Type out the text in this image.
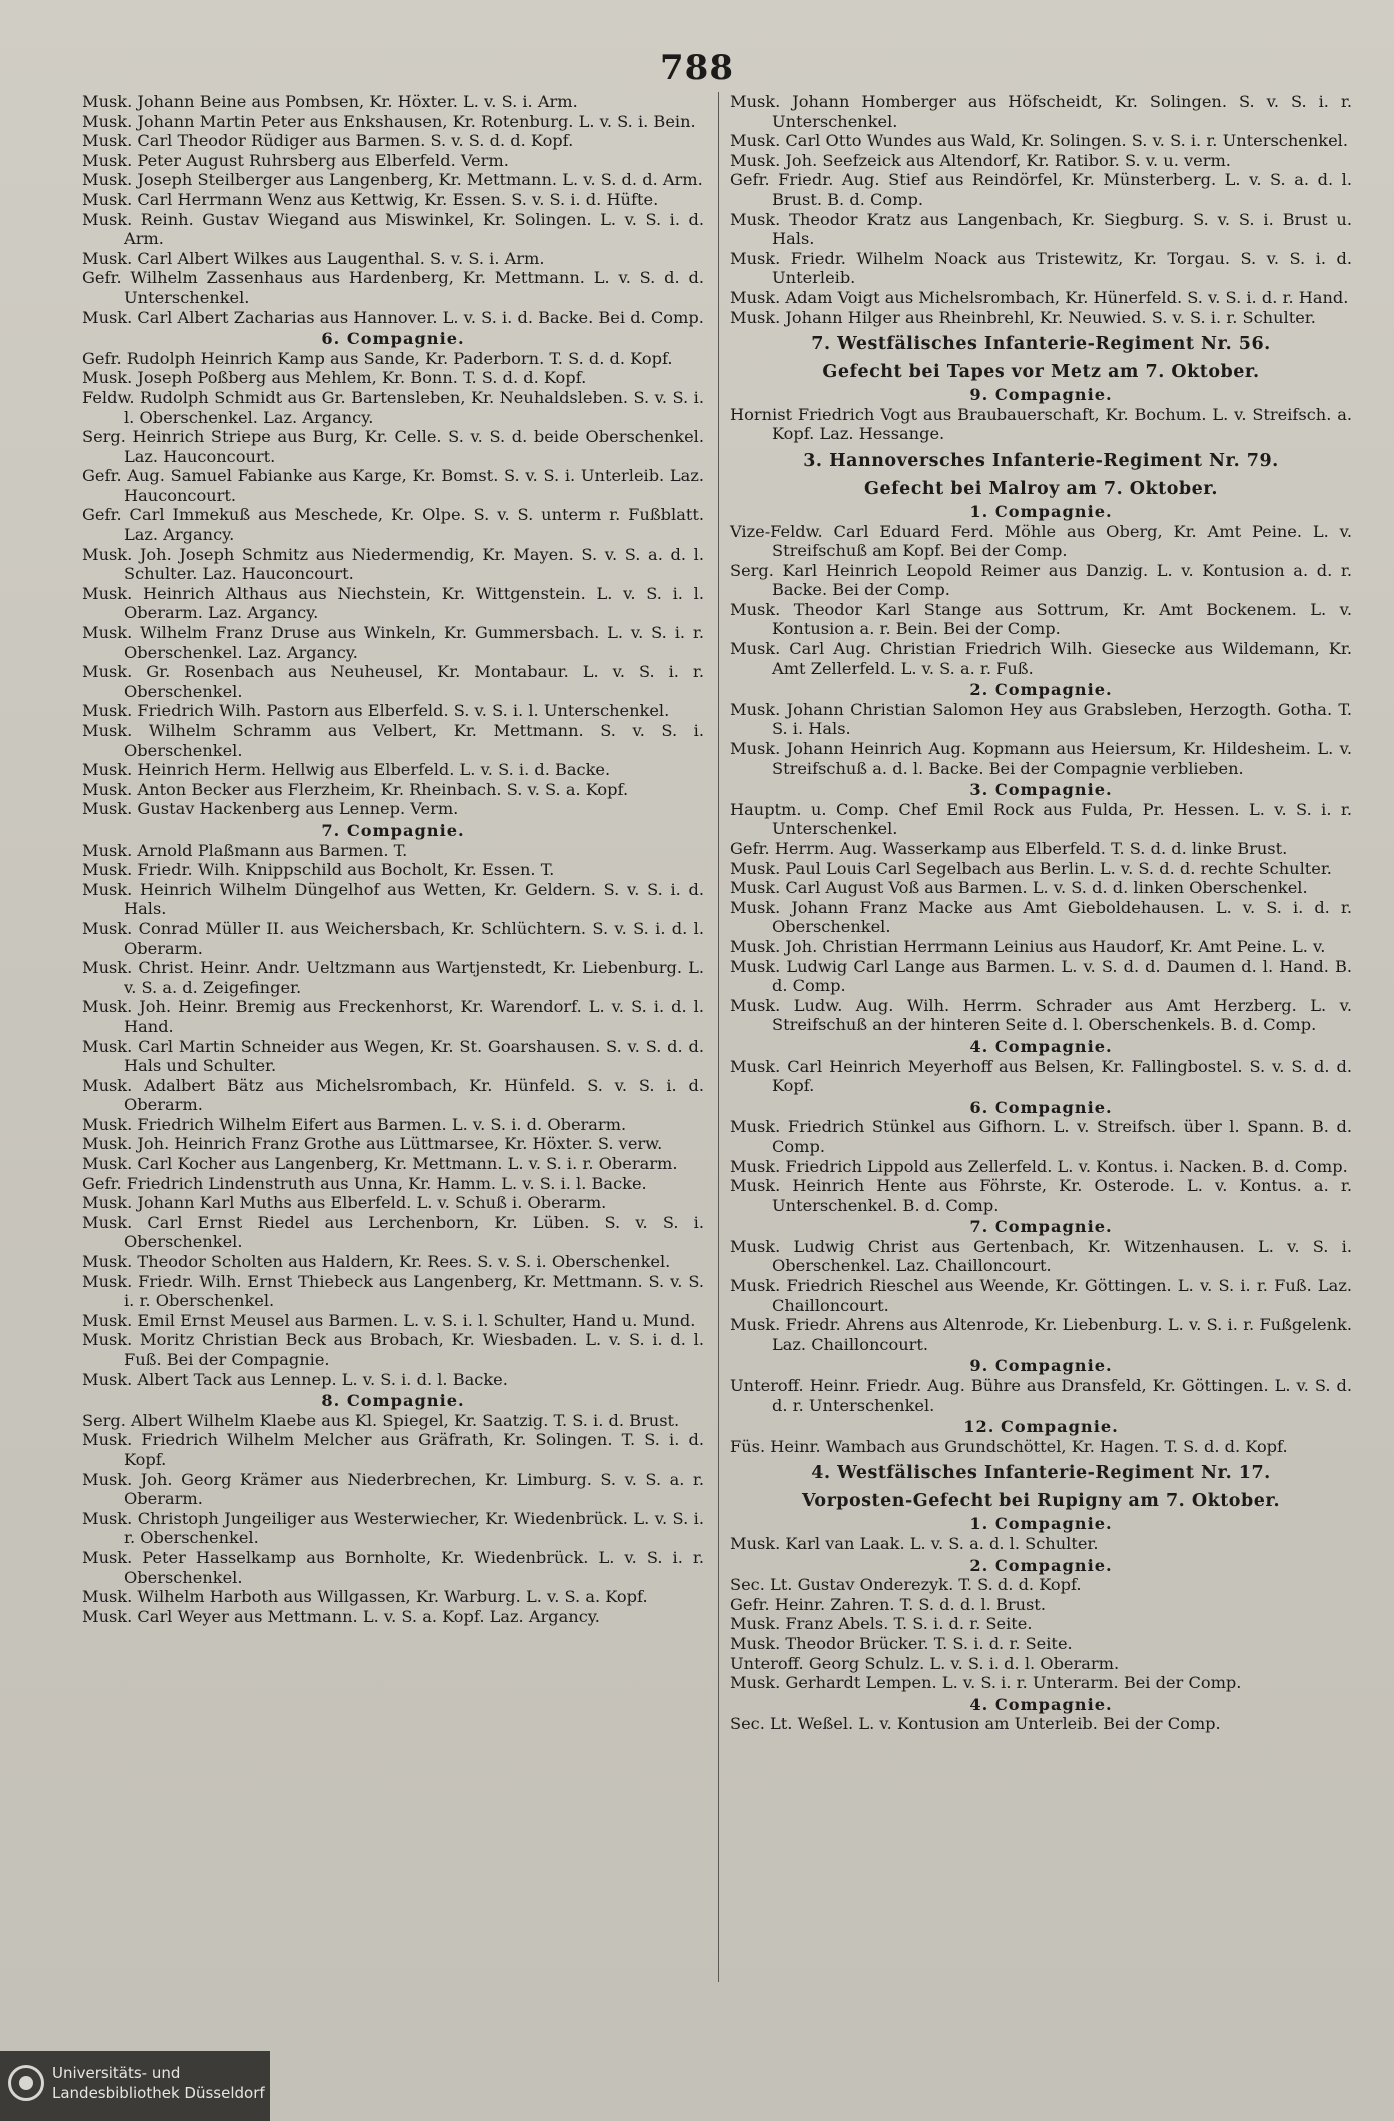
788
Musk. Johann Beine aus Pombsen, Kr. Höxter. L. v. S. i. Arm.
Musk. Johann Martin Peter aus Enkshausen, Kr. Rotenburg. L. v. S. i. Bein.
Musk. Carl Theodor Rüdiger aus Barmen. S. v. S. d. d. Kopf.
Musk. Peter August Ruhrsberg aus Elberfeld. Verm.
Musk. Joseph Steilberger aus Langenberg, Kr. Mettmann. L. v. S. d. d. Arm.
Musk. Carl Herrmann Wenz aus Kettwig, Kr. Essen. S. v. S. i. d. Hüfte.
Musk. Reinh. Gustav Wiegand aus Miswinkel, Kr. Solingen. L. v. S. i. d. Arm.
Musk. Carl Albert Wilkes aus Laugenthal. S. v. S. i. Arm.
Gefr. Wilhelm Zassenhaus aus Hardenberg, Kr. Mettmann. L. v. S. d. d. Unterschenkel.
Musk. Carl Albert Zacharias aus Hannover. L. v. S. i. d. Backe. Bei d. Comp.
6. Compagnie.
Gefr. Rudolph Heinrich Kamp aus Sande, Kr. Paderborn. T. S. d. d. Kopf.
Musk. Joseph Poßberg aus Mehlem, Kr. Bonn. T. S. d. d. Kopf.
Feldw. Rudolph Schmidt aus Gr. Bartensleben, Kr. Neuhaldsleben. S. v. S. i. l. Oberschenkel. Laz. Argancy.
Serg. Heinrich Striepe aus Burg, Kr. Celle. S. v. S. d. beide Oberschenkel. Laz. Hauconcourt.
Gefr. Aug. Samuel Fabianke aus Karge, Kr. Bomst. S. v. S. i. Unterleib. Laz. Hauconcourt.
Gefr. Carl Immekuß aus Meschede, Kr. Olpe. S. v. S. unterm r. Fußblatt. Laz. Argancy.
Musk. Joh. Joseph Schmitz aus Niedermendig, Kr. Mayen. S. v. S. a. d. l. Schulter. Laz. Hauconcourt.
Musk. Heinrich Althaus aus Niechstein, Kr. Wittgenstein. L. v. S. i. l. Oberarm. Laz. Argancy.
Musk. Wilhelm Franz Druse aus Winkeln, Kr. Gummersbach. L. v. S. i. r. Oberschenkel. Laz. Argancy.
Musk. Gr. Rosenbach aus Neuheusel, Kr. Montabaur. L. v. S. i. r. Oberschenkel.
Musk. Friedrich Wilh. Pastorn aus Elberfeld. S. v. S. i. l. Unterschenkel.
Musk. Wilhelm Schramm aus Velbert, Kr. Mettmann. S. v. S. i. Oberschenkel.
Musk. Heinrich Herm. Hellwig aus Elberfeld. L. v. S. i. d. Backe.
Musk. Anton Becker aus Flerzheim, Kr. Rheinbach. S. v. S. a. Kopf.
Musk. Gustav Hackenberg aus Lennep. Verm.
7. Compagnie.
Musk. Arnold Plaßmann aus Barmen. T.
Musk. Friedr. Wilh. Knippschild aus Bocholt, Kr. Essen. T.
Musk. Heinrich Wilhelm Düngelhof aus Wetten, Kr. Geldern. S. v. S. i. d. Hals.
Musk. Conrad Müller II. aus Weichersbach, Kr. Schlüchtern. S. v. S. i. d. l. Oberarm.
Musk. Christ. Heinr. Andr. Ueltzmann aus Wartjenstedt, Kr. Liebenburg. L. v. S. a. d. Zeigefinger.
Musk. Joh. Heinr. Bremig aus Freckenhorst, Kr. Warendorf. L. v. S. i. d. l. Hand.
Musk. Carl Martin Schneider aus Wegen, Kr. St. Goarshausen. S. v. S. d. d. Hals und Schulter.
Musk. Adalbert Bätz aus Michelsrombach, Kr. Hünfeld. S. v. S. i. d. Oberarm.
Musk. Friedrich Wilhelm Eifert aus Barmen. L. v. S. i. d. Oberarm.
Musk. Joh. Heinrich Franz Grothe aus Lüttmarsee, Kr. Höxter. S. verw.
Musk. Carl Kocher aus Langenberg, Kr. Mettmann. L. v. S. i. r. Oberarm.
Gefr. Friedrich Lindenstruth aus Unna, Kr. Hamm. L. v. S. i. l. Backe.
Musk. Johann Karl Muths aus Elberfeld. L. v. Schuß i. Oberarm.
Musk. Carl Ernst Riedel aus Lerchenborn, Kr. Lüben. S. v. S. i. Oberschenkel.
Musk. Theodor Scholten aus Haldern, Kr. Rees. S. v. S. i. Oberschenkel.
Musk. Friedr. Wilh. Ernst Thiebeck aus Langenberg, Kr. Mettmann. S. v. S. i. r. Oberschenkel.
Musk. Emil Ernst Meusel aus Barmen. L. v. S. i. l. Schulter, Hand u. Mund.
Musk. Moritz Christian Beck aus Brobach, Kr. Wiesbaden. L. v. S. i. d. l. Fuß. Bei der Compagnie.
Musk. Albert Tack aus Lennep. L. v. S. i. d. l. Backe.
8. Compagnie.
Serg. Albert Wilhelm Klaebe aus Kl. Spiegel, Kr. Saatzig. T. S. i. d. Brust.
Musk. Friedrich Wilhelm Melcher aus Gräfrath, Kr. Solingen. T. S. i. d. Kopf.
Musk. Joh. Georg Krämer aus Niederbrechen, Kr. Limburg. S. v. S. a. r. Oberarm.
Musk. Christoph Jungeiliger aus Westerwiecher, Kr. Wiedenbrück. L. v. S. i. r. Oberschenkel.
Musk. Peter Hasselkamp aus Bornholte, Kr. Wiedenbrück. L. v. S. i. r. Oberschenkel.
Musk. Wilhelm Harboth aus Willgassen, Kr. Warburg. L. v. S. a. Kopf.
Musk. Carl Weyer aus Mettmann. L. v. S. a. Kopf. Laz. Argancy.
Musk. Johann Homberger aus Höfscheidt, Kr. Solingen. S. v. S. i. r. Unterschenkel.
Musk. Carl Otto Wundes aus Wald, Kr. Solingen. S. v. S. i. r. Unterschenkel.
Musk. Joh. Seefzeick aus Altendorf, Kr. Ratibor. S. v. u. verm.
Gefr. Friedr. Aug. Stief aus Reindörfel, Kr. Münsterberg. L. v. S. a. d. l. Brust. B. d. Comp.
Musk. Theodor Kratz aus Langenbach, Kr. Siegburg. S. v. S. i. Brust u. Hals.
Musk. Friedr. Wilhelm Noack aus Tristewitz, Kr. Torgau. S. v. S. i. d. Unterleib.
Musk. Adam Voigt aus Michelsrombach, Kr. Hünerfeld. S. v. S. i. d. r. Hand.
Musk. Johann Hilger aus Rheinbrehl, Kr. Neuwied. S. v. S. i. r. Schulter.
7. Westfälisches Infanterie-Regiment Nr. 56.
Gefecht bei Tapes vor Metz am 7. Oktober.
9. Compagnie.
Hornist Friedrich Vogt aus Braubauerschaft, Kr. Bochum. L. v. Streifsch. a. Kopf. Laz. Hessange.
3. Hannoversches Infanterie-Regiment Nr. 79.
Gefecht bei Malroy am 7. Oktober.
1. Compagnie.
Vize-Feldw. Carl Eduard Ferd. Möhle aus Oberg, Kr. Amt Peine. L. v. Streifschuß am Kopf. Bei der Comp.
Serg. Karl Heinrich Leopold Reimer aus Danzig. L. v. Kontusion a. d. r. Backe. Bei der Comp.
Musk. Theodor Karl Stange aus Sottrum, Kr. Amt Bockenem. L. v. Kontusion a. r. Bein. Bei der Comp.
Musk. Carl Aug. Christian Friedrich Wilh. Giesecke aus Wildemann, Kr. Amt Zellerfeld. L. v. S. a. r. Fuß.
2. Compagnie.
Musk. Johann Christian Salomon Hey aus Grabsleben, Herzogth. Gotha. T. S. i. Hals.
Musk. Johann Heinrich Aug. Kopmann aus Heiersum, Kr. Hildesheim. L. v. Streifschuß a. d. l. Backe. Bei der Compagnie verblieben.
3. Compagnie.
Hauptm. u. Comp. Chef Emil Rock aus Fulda, Pr. Hessen. L. v. S. i. r. Unterschenkel.
Gefr. Herrm. Aug. Wasserkamp aus Elberfeld. T. S. d. d. linke Brust.
Musk. Paul Louis Carl Segelbach aus Berlin. L. v. S. d. d. rechte Schulter.
Musk. Carl August Voß aus Barmen. L. v. S. d. d. linken Oberschenkel.
Musk. Johann Franz Macke aus Amt Gieboldehausen. L. v. S. i. d. r. Oberschenkel.
Musk. Joh. Christian Herrmann Leinius aus Haudorf, Kr. Amt Peine. L. v.
Musk. Ludwig Carl Lange aus Barmen. L. v. S. d. d. Daumen d. l. Hand. B. d. Comp.
Musk. Ludw. Aug. Wilh. Herrm. Schrader aus Amt Herzberg. L. v. Streifschuß an der hinteren Seite d. l. Oberschenkels. B. d. Comp.
4. Compagnie.
Musk. Carl Heinrich Meyerhoff aus Belsen, Kr. Fallingbostel. S. v. S. d. d. Kopf.
6. Compagnie.
Musk. Friedrich Stünkel aus Gifhorn. L. v. Streifsch. über l. Spann. B. d. Comp.
Musk. Friedrich Lippold aus Zellerfeld. L. v. Kontus. i. Nacken. B. d. Comp.
Musk. Heinrich Hente aus Föhrste, Kr. Osterode. L. v. Kontus. a. r. Unterschenkel. B. d. Comp.
7. Compagnie.
Musk. Ludwig Christ aus Gertenbach, Kr. Witzenhausen. L. v. S. i. Oberschenkel. Laz. Chailloncourt.
Musk. Friedrich Rieschel aus Weende, Kr. Göttingen. L. v. S. i. r. Fuß. Laz. Chailloncourt.
Musk. Friedr. Ahrens aus Altenrode, Kr. Liebenburg. L. v. S. i. r. Fußgelenk. Laz. Chailloncourt.
9. Compagnie.
Unteroff. Heinr. Friedr. Aug. Bühre aus Dransfeld, Kr. Göttingen. L. v. S. d. d. r. Unterschenkel.
12. Compagnie.
Füs. Heinr. Wambach aus Grundschöttel, Kr. Hagen. T. S. d. d. Kopf.
4. Westfälisches Infanterie-Regiment Nr. 17.
Vorposten-Gefecht bei Rupigny am 7. Oktober.
1. Compagnie.
Musk. Karl van Laak. L. v. S. a. d. l. Schulter.
2. Compagnie.
Sec. Lt. Gustav Onderezyk. T. S. d. d. Kopf.
Gefr. Heinr. Zahren. T. S. d. d. l. Brust.
Musk. Franz Abels. T. S. i. d. r. Seite.
Musk. Theodor Brücker. T. S. i. d. r. Seite.
Unteroff. Georg Schulz. L. v. S. i. d. l. Oberarm.
Musk. Gerhardt Lempen. L. v. S. i. r. Unterarm. Bei der Comp.
4. Compagnie.
Sec. Lt. Weßel. L. v. Kontusion am Unterleib. Bei der Comp.
Universitäts- und
Landesbibliothek Düsseldorf
